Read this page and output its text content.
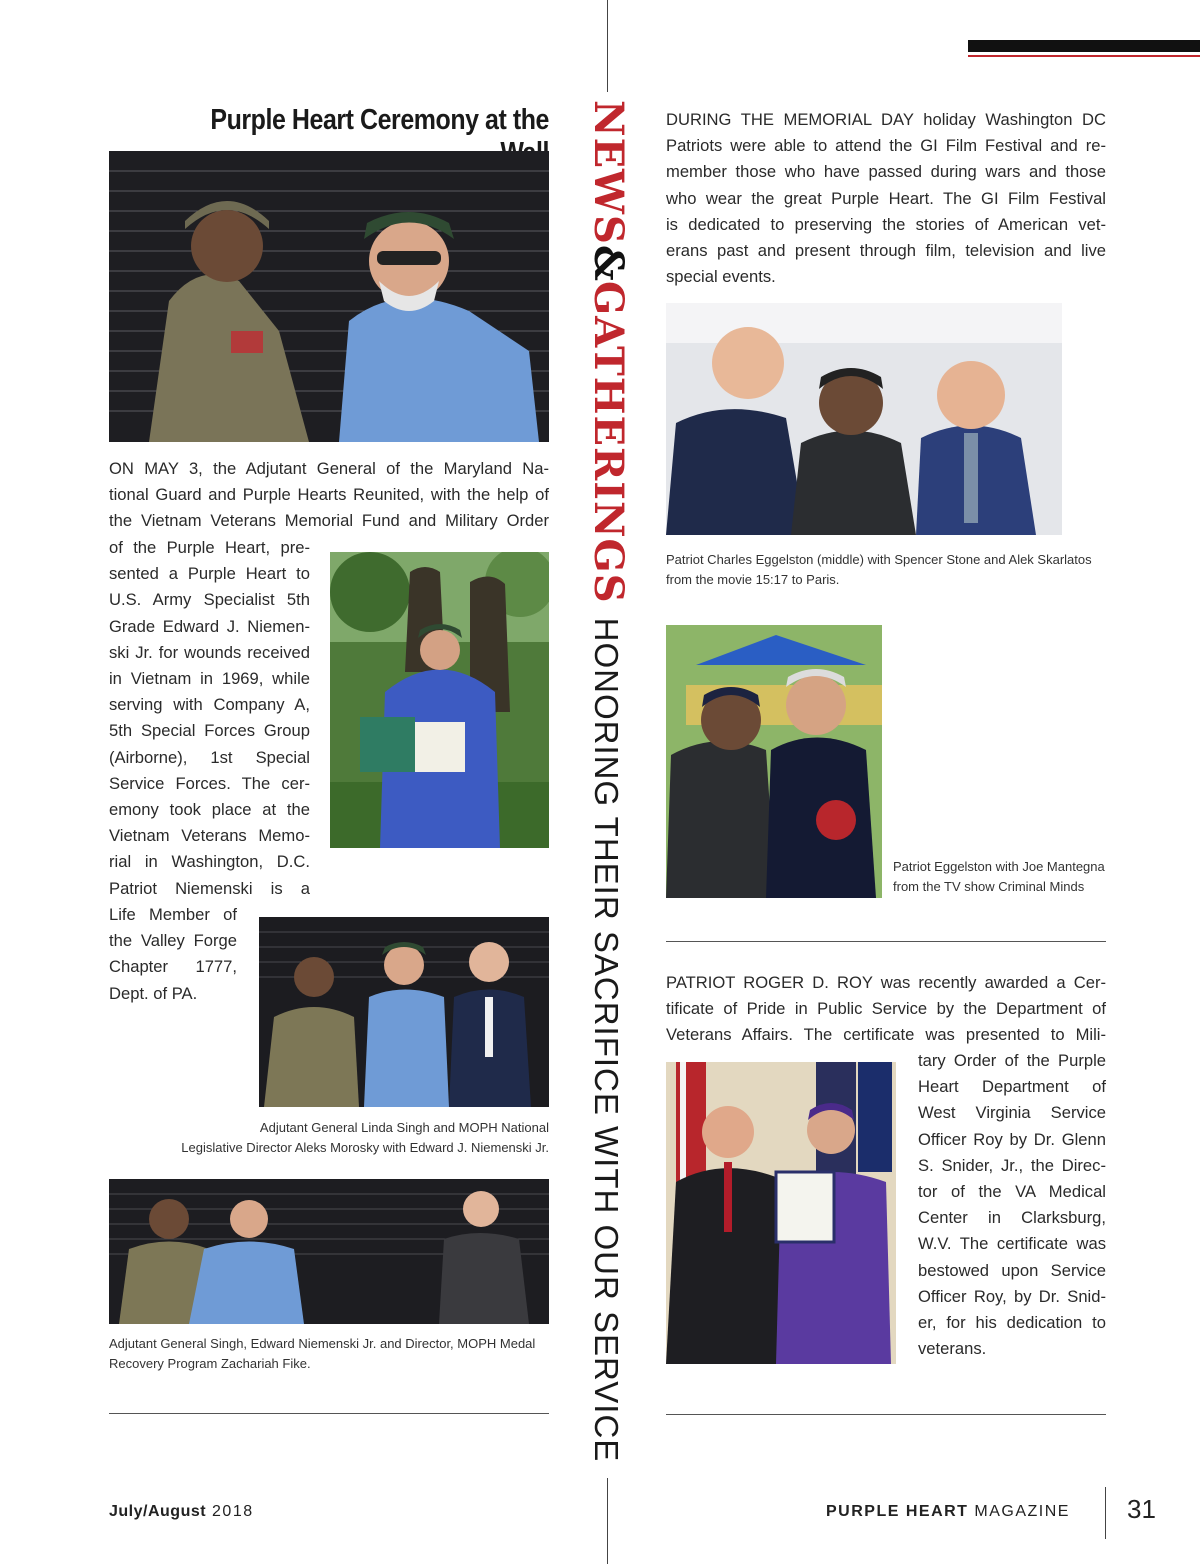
Purple Heart Ceremony at the
ON MAY 3, the Adjutant General of the Maryland Na-
tional Guard and Purple Hearts Reunited, with the help of
the Vietnam Veterans Memorial Fund and Military Order
of the Purple Heart, pre-
sented a Purple Heart to
U.S. Army Specialist 5th
Grade Edward J. Niemen-
ski Jr. for wounds received
in Vietnam in 1969, while
serving with Company A,
5th Special Forces Group
(Airborne), 1st Special
Service Forces. The cer-
emony took place at the
Vietnam Veterans Memo-
rial in Washington, D.C.
Patriot Niemenski is a
Life Member of
the Valley Forge
Chapter 1777,
Dept. of PA.
Adjutant General Linda Singh and MOPH National
Legislative Director Aleks Morosky with Edward J. Niemenski Jr.
Adjutant General Singh, Edward Niemenski Jr. and Director, MOPH Medal
Recovery Program Zachariah Fike.
NEWS&GATHERINGSHONORING THEIR SACRIFICE WITH OUR SERVICE
DURING THE MEMORIAL DAY holiday Washington DC
Patriots were able to attend the GI Film Festival and re-
member those who have passed during wars and those
who wear the great Purple Heart. The GI Film Festival
is dedicated to preserving the stories of American vet-
erans past and present through film, television and live
special events.
Patriot Charles Eggelston (middle) with Spencer Stone and Alek Skarlatos
from the movie 15:17 to Paris.
Patriot Eggelston with Joe Mantegna
from the TV show Criminal Minds
PATRIOT ROGER D. ROY was recently awarded a Cer-
tificate of Pride in Public Service by the Department of
Veterans Affairs. The certificate was presented to Mili-
tary Order of the Purple
Heart Department of
West Virginia Service
Officer Roy by Dr. Glenn
S. Snider, Jr., the Direc-
tor of the VA Medical
Center in Clarksburg,
W.V. The certificate was
bestowed upon Service
Officer Roy, by Dr. Snid-
er, for his dedication to
veterans.
July/August 2018	PURPLE HEART MAGAZINE 31
